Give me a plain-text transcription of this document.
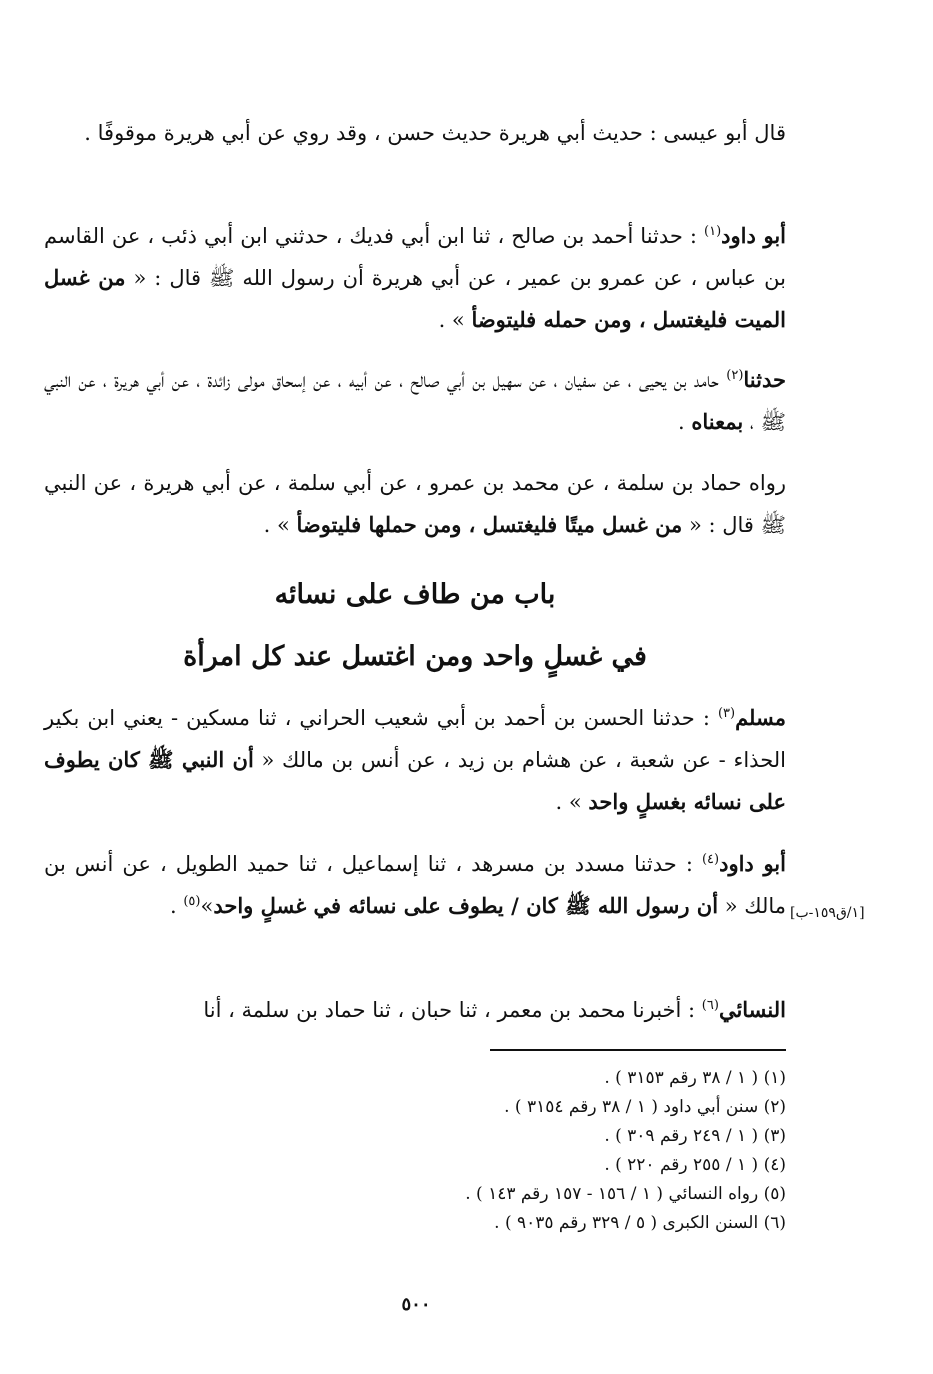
قال أبو عيسى : حديث أبي هريرة حديث حسن ، وقد روي عن أبي هريرة موقوفًا .

أبو داود$^{(١)}$ : حدثنا أحمد بن صالح ، ثنا ابن أبي فديك ، حدثني ابن أبي ذئب ، عن القاسم بن عباس ، عن عمرو بن عمير ، عن أبي هريرة أن رسول الله ﷺ قال : « من غسل الميت فليغتسل ، ومن حمله فليتوضأ » .

حدثنا$^{(٢)}$ حامد بن يحيى ، عن سفيان ، عن سهيل بن أبي صالح ، عن أبيه ، عن إسحاق مولى زائدة ، عن أبي هريرة ، عن النبي ﷺ ، بمعناه .

رواه حماد بن سلمة ، عن محمد بن عمرو ، عن أبي سلمة ، عن أبي هريرة ، عن النبي ﷺ قال : « من غسل ميتًا فليغتسل ، ومن حملها فليتوضأ » .

باب من طاف على نسائه
في غسلٍ واحد ومن اغتسل عند كل امرأة

مسلم$^{(٣)}$ : حدثنا الحسن بن أحمد بن أبي شعيب الحراني ، ثنا مسكين - يعني ابن بكير الحذاء - عن شعبة ، عن هشام بن زيد ، عن أنس بن مالك « أن النبي ﷺ كان يطوف على نسائه بغسلٍ واحد » .

أبو داود$^{(٤)}$ : حدثنا مسدد بن مسرهد ، ثنا إسماعيل ، ثنا حميد الطويل ، عن أنس بن مالك « أن رسول الله ﷺ كان / يطوف على نسائه في غسلٍ واحد»$^{(٥)}$ .	[١/ق١٥٩-ب]

النسائي$^{(٦)}$ : أخبرنا محمد بن معمر ، ثنا حبان ، ثنا حماد بن سلمة ، أنا

(١) ( ١ / ٣٨ رقم ٣١٥٣ ) .

(٢) سنن أبي داود ( ١ / ٣٨ رقم ٣١٥٤ ) .

(٣) ( ١ / ٢٤٩ رقم ٣٠٩ ) .

(٤) ( ١ / ٢٥٥ رقم ٢٢٠ ) .

(٥) رواه النسائي ( ١ / ١٥٦ - ١٥٧ رقم ١٤٣ ) .

(٦) السنن الكبرى ( ٥ / ٣٢٩ رقم ٩٠٣٥ ) .

٥٠٠
